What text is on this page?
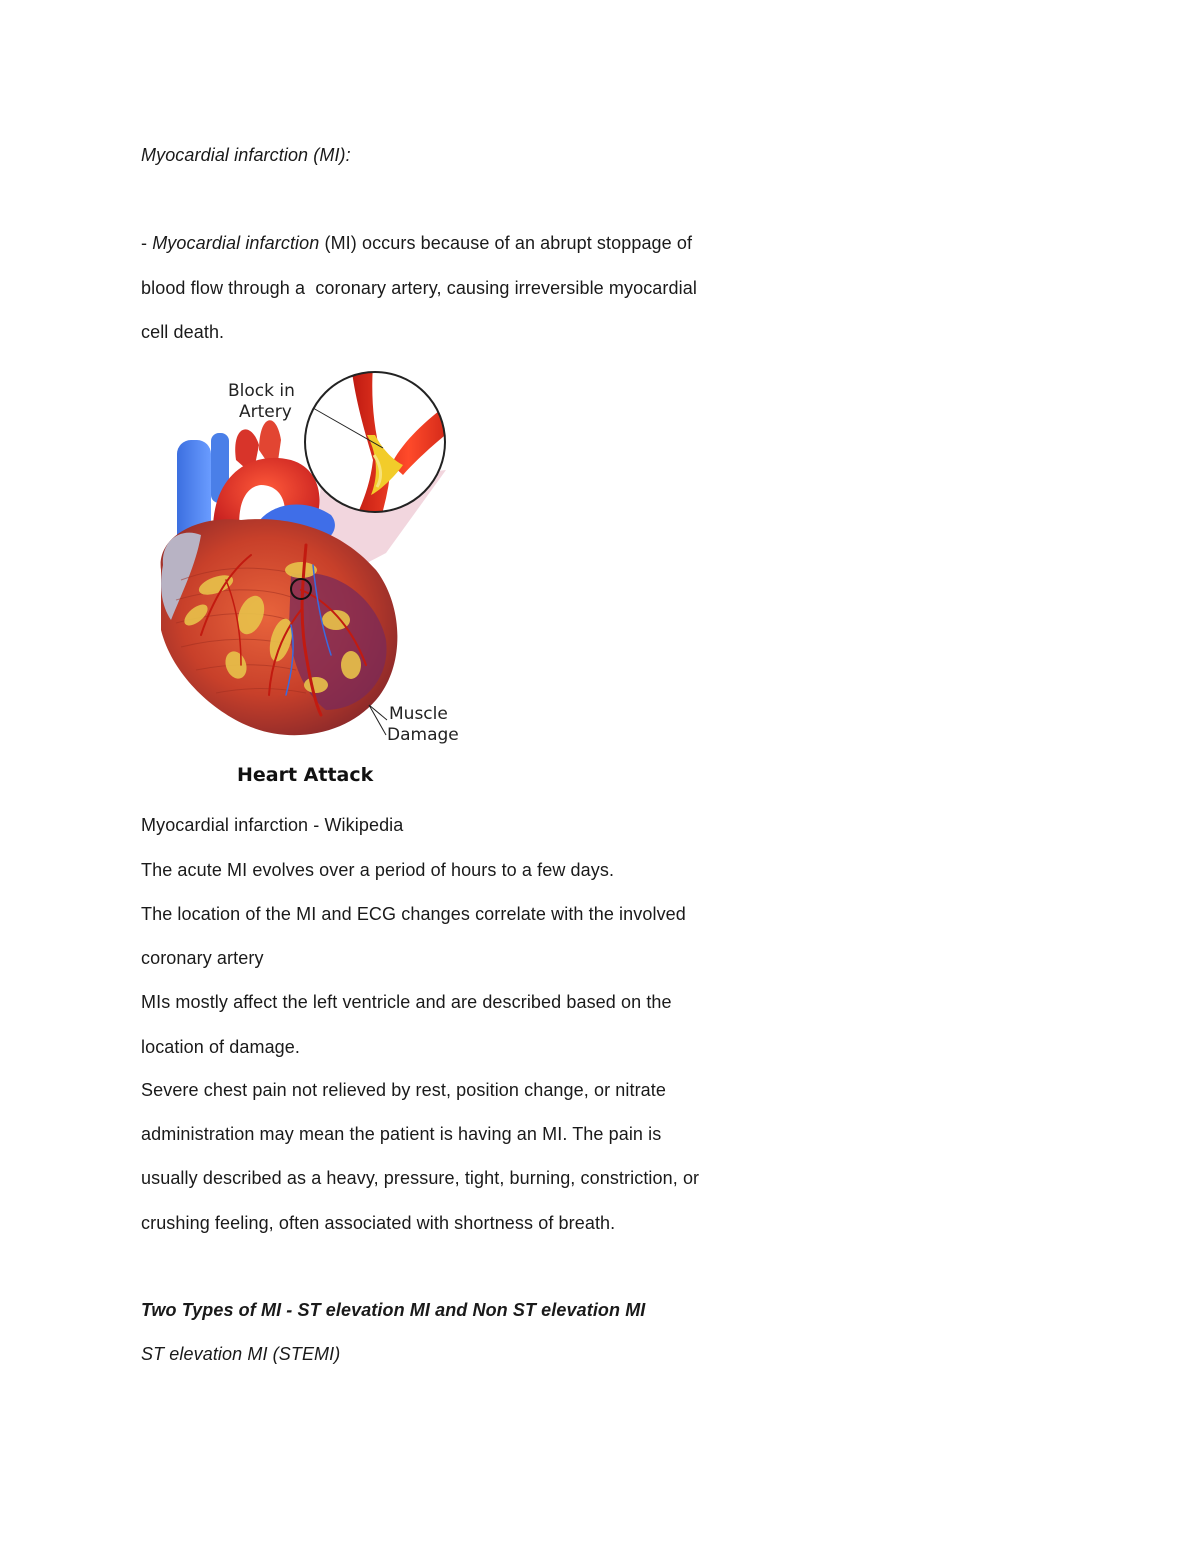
Myocardial infarction (MI):
- Myocardial infarction (MI) occurs because of an abrupt stoppage of
blood flow through a  coronary artery, causing irreversible myocardial
cell death.
Block in
Artery
Muscle
Damage
Heart Attack
Myocardial infarction - Wikipedia
The acute MI evolves over a period of hours to a few days.
The location of the MI and ECG changes correlate with the involved
coronary artery
MIs mostly affect the left ventricle and are described based on the
location of damage.
Severe chest pain not relieved by rest, position change, or nitrate
administration may mean the patient is having an MI. The pain is
usually described as a heavy, pressure, tight, burning, constriction, or
crushing feeling, often associated with shortness of breath.
Two Types of MI - ST elevation MI and Non ST elevation MI
ST elevation MI (STEMI)
